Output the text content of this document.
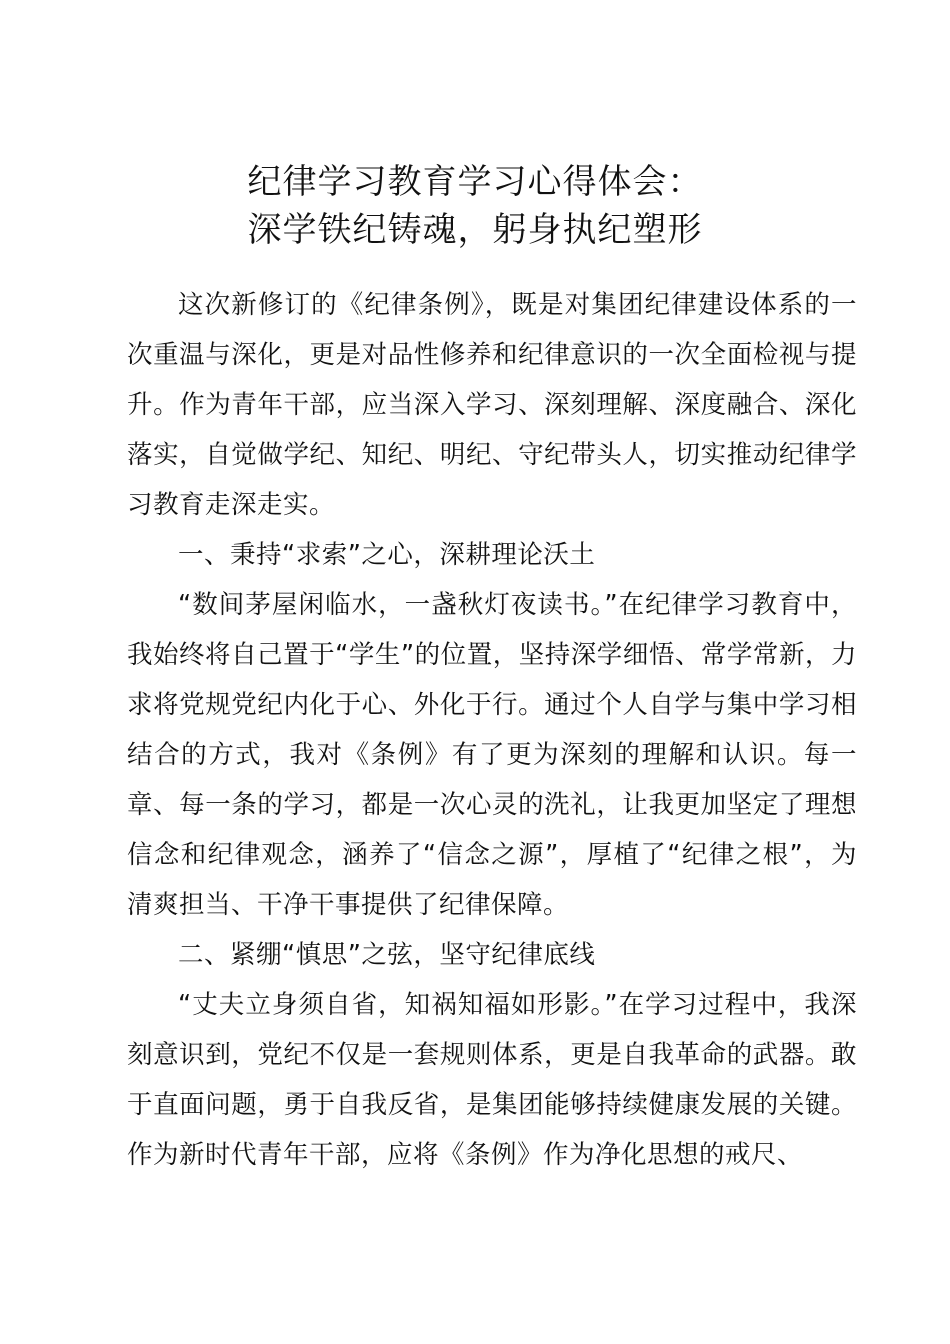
纪律学习教育学习心得体会：
深学铁纪铸魂，躬身执纪塑形

这次新修订的《纪律条例》，既是对集团纪律建设体系的一次重温与深化，更是对品性修养和纪律意识的一次全面检视与提升。作为青年干部，应当深入学习、深刻理解、深度融合、深化落实，自觉做学纪、知纪、明纪、守纪带头人，切实推动纪律学习教育走深走实。

一、秉持“求索”之心，深耕理论沃土

“数间茅屋闲临水，一盏秋灯夜读书。”在纪律学习教育中，我始终将自己置于“学生”的位置，坚持深学细悟、常学常新，力求将党规党纪内化于心、外化于行。通过个人自学与集中学习相结合的方式，我对《条例》有了更为深刻的理解和认识。每一章、每一条的学习，都是一次心灵的洗礼，让我更加坚定了理想信念和纪律观念，涵养了“信念之源”，厚植了“纪律之根”，为清爽担当、干净干事提供了纪律保障。

二、紧绷“慎思”之弦，坚守纪律底线

“丈夫立身须自省，知祸知福如形影。”在学习过程中，我深刻意识到，党纪不仅是一套规则体系，更是自我革命的武器。敢于直面问题，勇于自我反省，是集团能够持续健康发展的关键。作为新时代青年干部，应将《条例》作为净化思想的戒尺、
